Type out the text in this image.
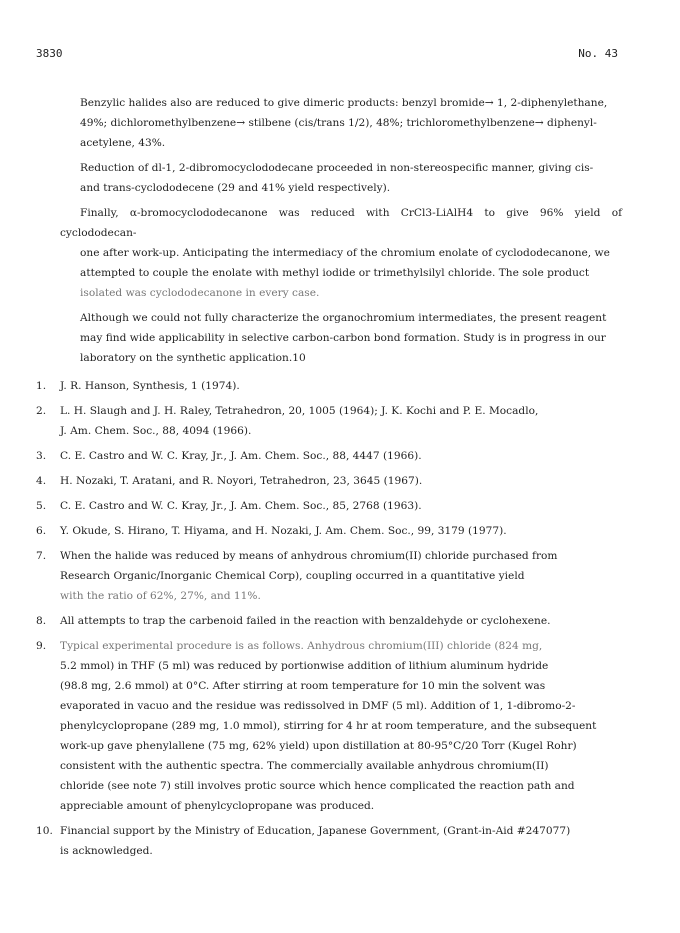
3830	No. 43

Benzylic halides also are reduced to give dimeric products: benzyl bromide→ 1, 2-diphenylethane,
49%; dichloromethylbenzene→ stilbene (cis/trans 1/2), 48%; trichloromethylbenzene→ diphenyl-
acetylene, 43%.

Reduction of dl-1, 2-dibromocyclododecane proceeded in non-stereospecific manner, giving cis-
and trans-cyclododecene (29 and 41% yield respectively).

Finally, α-bromocyclododecanone was reduced with CrCl3-LiAlH4 to give 96% yield of cyclododecan-
one after work-up. Anticipating the intermediacy of the chromium enolate of cyclododecanone, we
attempted to couple the enolate with methyl iodide or trimethylsilyl chloride. The sole product
isolated was cyclododecanone in every case.

Although we could not fully characterize the organochromium intermediates, the present reagent
may find wide applicability in selective carbon-carbon bond formation. Study is in progress in our
laboratory on the synthetic application.10

1.	J. R. Hanson, Synthesis, 1 (1974).
2.	L. H. Slaugh and J. H. Raley, Tetrahedron, 20, 1005 (1964); J. K. Kochi and P. E. Mocadlo,
J. Am. Chem. Soc., 88, 4094 (1966).
3.	C. E. Castro and W. C. Kray, Jr., J. Am. Chem. Soc., 88, 4447 (1966).
4.	H. Nozaki, T. Aratani, and R. Noyori, Tetrahedron, 23, 3645 (1967).
5.	C. E. Castro and W. C. Kray, Jr., J. Am. Chem. Soc., 85, 2768 (1963).
6.	Y. Okude, S. Hirano, T. Hiyama, and H. Nozaki, J. Am. Chem. Soc., 99, 3179 (1977).
7.	When the halide was reduced by means of anhydrous chromium(II) chloride purchased from
Research Organic/Inorganic Chemical Corp), coupling occurred in a quantitative yield
with the ratio of 62%, 27%, and 11%.
8.	All attempts to trap the carbenoid failed in the reaction with benzaldehyde or cyclohexene.
9.	Typical experimental procedure is as follows. Anhydrous chromium(III) chloride (824 mg,
5.2 mmol) in THF (5 ml) was reduced by portionwise addition of lithium aluminum hydride
(98.8 mg, 2.6 mmol) at 0°C. After stirring at room temperature for 10 min the solvent was
evaporated in vacuo and the residue was redissolved in DMF (5 ml). Addition of 1, 1-dibromo-2-
phenylcyclopropane (289 mg, 1.0 mmol), stirring for 4 hr at room temperature, and the subsequent
work-up gave phenylallene (75 mg, 62% yield) upon distillation at 80-95°C/20 Torr (Kugel Rohr)
consistent with the authentic spectra. The commercially available anhydrous chromium(II)
chloride (see note 7) still involves protic source which hence complicated the reaction path and
appreciable amount of phenylcyclopropane was produced.
10. Financial support by the Ministry of Education, Japanese Government, (Grant-in-Aid #247077)
is acknowledged.
